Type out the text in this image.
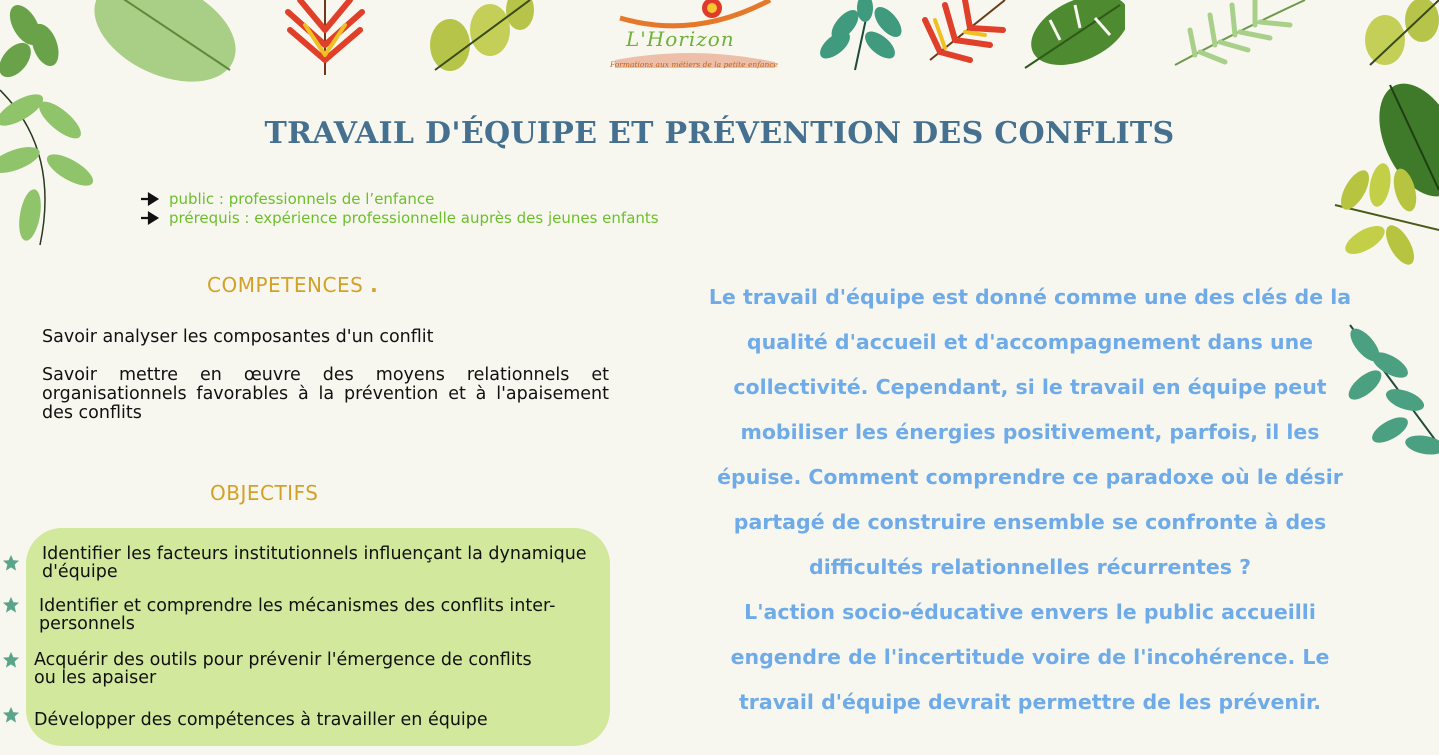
L'Horizon
Formations aux métiers de la petite enfance
TRAVAIL D'ÉQUIPE ET PRÉVENTION DES CONFLITS
public : professionnels de l’enfance
prérequis : expérience professionnelle auprès des jeunes enfants
COMPETENCES .
Savoir analyser les composantes d'un conflit
Savoir mettre en œuvre des moyens relationnels et organisationnels favorables à la prévention et à l'apaisement des conflits
OBJECTIFS
Identifier les facteurs institutionnels influençant la dynamique d'équipe
Identifier et comprendre les mécanismes des conflits inter-personnels
Acquérir des outils pour prévenir l'émergence de conflits ou les apaiser
Développer des compétences à travailler en équipe
Le travail d'équipe est donné comme une des clés de la qualité d'accueil et d'accompagnement dans une collectivité. Cependant, si le travail en équipe peut mobiliser les énergies positivement, parfois, il les épuise. Comment comprendre ce paradoxe où le désir partagé de construire ensemble se confronte à des difficultés relationnelles récurrentes ?
L'action socio-éducative envers le public accueilli engendre de l'incertitude voire de l'incohérence. Le travail d'équipe devrait permettre de les prévenir.
